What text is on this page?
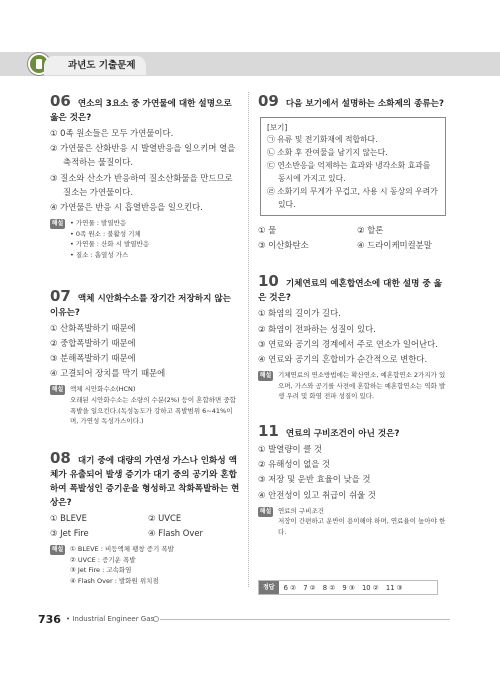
과년도 기출문제
06 연소의 3요소 중 가연물에 대한 설명으로 옳은 것은?
① 0족 원소들은 모두 가연물이다.
② 가연물은 산화반응 시 발열반응을 일으키며 열을 축적하는 물질이다.
③ 질소와 산소가 반응하여 질소산화물을 만드므로 질소는 가연물이다.
④ 가연물은 반응 시 흡열반응을 일으킨다.
해설 • 가연물 : 발열반응
• 0족 원소 : 불활성 기체
• 가연물 : 산화 시 발열반응
• 질소 : 흡열성 가스
07 액체 시안화수소를 장기간 저장하지 않는 이유는?
① 산화폭발하기 때문에
② 중합폭발하기 때문에
③ 분해폭발하기 때문에
④ 고결되어 장치를 막기 때문에
해설 액체 시안화수소(HCN)
오래된 시안화수소는 소량의 수분(2%) 등이 혼합하면 중합폭발을 일으킨다.(독성농도가 강하고 폭발범위 6~41%이며, 가연성 독성가스이다.)
08 대기 중에 대량의 가연성 가스나 인화성 액체가 유출되어 발생 증기가 대기 중의 공기와 혼합하여 폭발성인 증기운을 형성하고 착화폭발하는 현상은?
① BLEVE	② UVCE
③ Jet Fire	④ Flash Over
해설 ① BLEVE : 비등액체 팽창 증기 폭발
② UVCE : 증기운 폭발
③ Jet Fire : 고속화염
④ Flash Over : 발화원 위치점
09 다음 보기에서 설명하는 소화제의 종류는?
[보기]
㉠ 유류 및 전기화재에 적합하다.
㉡ 소화 후 잔여물을 남기지 않는다.
㉢ 연소반응을 억제하는 효과와 냉각소화 효과를 동시에 가지고 있다.
㉣ 소화기의 무게가 무겁고, 사용 시 동상의 우려가 있다.
① 물	② 할론
③ 이산화탄소	④ 드라이케미컬분말
10 기체연료의 예혼합연소에 대한 설명 중 옳은 것은?
① 화염의 길이가 길다.
② 화염이 전파하는 성질이 있다.
③ 연료와 공기의 경계에서 주로 연소가 일어난다.
④ 연료와 공기의 혼합비가 순간적으로 변한다.
해설 기체연료의 연소방법에는 확산연소, 예혼합연소 2가지가 있으며, 가스와 공기를 사전에 혼합하는 예혼합연소는 역화 발생 우려 및 화염 전파 성질이 있다.
11 연료의 구비조건이 아닌 것은?
① 발열량이 클 것
② 유해성이 없을 것
③ 저장 및 운반 효율이 낮을 것
④ 안전성이 있고 취급이 쉬울 것
해설 연료의 구비조건
저장이 간편하고 운반이 용이해야 하며, 연료율이 높아야 한다.
정답	6 ② 7 ② 8 ② 9 ③ 10 ② 11 ③
736 • Industrial Engineer Gas
